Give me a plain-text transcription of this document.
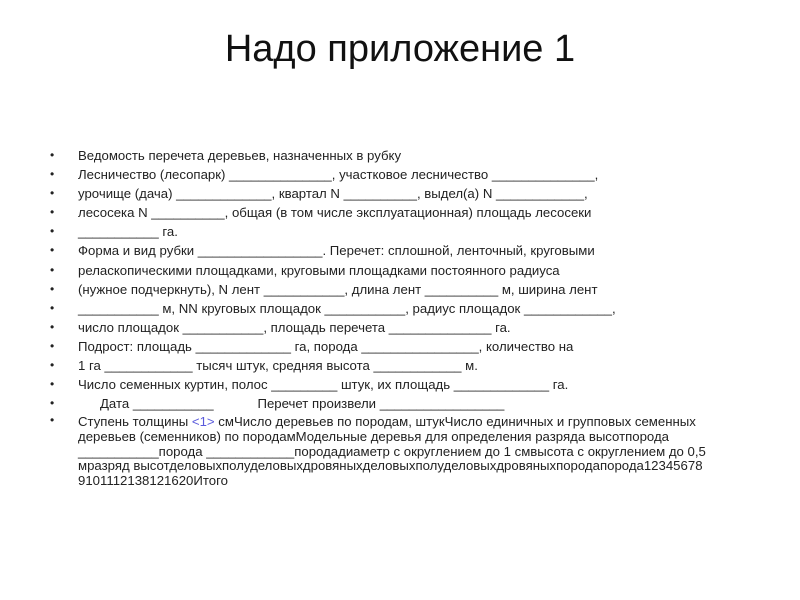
Надо приложение 1
• Ведомость перечета деревьев, назначенных в рубку
• Лесничество (лесопарк) ______________, участковое лесничество ______________,
• урочище (дача) _____________, квартал N __________, выдел(а) N ____________,
• лесосека N __________, общая (в том числе эксплуатационная) площадь лесосеки
• ___________ га.
• Форма и вид рубки _________________. Перечет: сплошной, ленточный, круговыми
• реласкопическими площадками, круговыми площадками постоянного радиуса
• (нужное подчеркнуть), N лент ___________, длина лент __________ м, ширина лент
• ___________ м, NN круговых площадок ___________, радиус площадок ____________,
• число площадок ___________, площадь перечета ______________ га.
• Подрост: площадь _____________ га, порода ________________, количество на
• 1 га ____________ тысяч штук, средняя высота ____________ м.
• Число семенных куртин, полос _________ штук, их площадь _____________ га.
•       Дата ___________            Перечет произвели _________________
• Ступень толщины <1> смЧисло деревьев по породам, штукЧисло единичных и групповых семенных деревьев (семенников) по породамМодельные деревья для определения разряда высотпорода ___________порода ____________породадиаметр с округлением до 1 смвысота с округлением до 0,5 мразряд высотделовыхполуделовыхдровяныхделовыхполуделовыхдровяныхпородапорода12345678 9101112138121620Итого
